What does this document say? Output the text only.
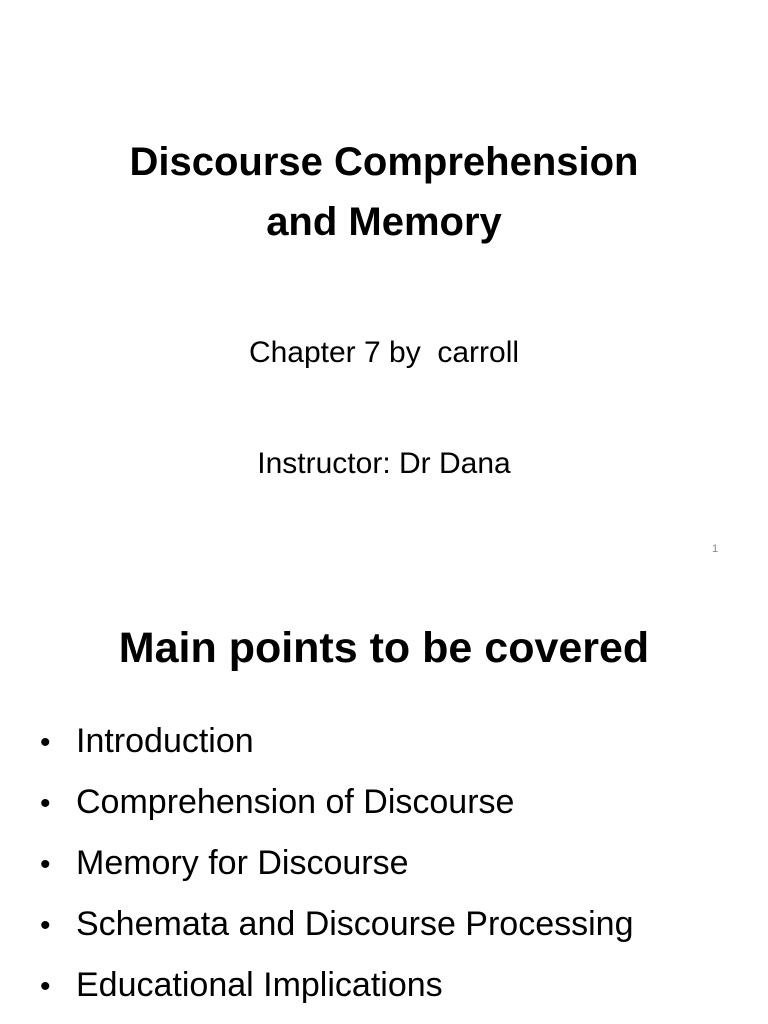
Discourse Comprehension
and Memory
Chapter 7 by  carroll
Instructor: Dr Dana
1
Main points to be covered
• Introduction
• Comprehension of Discourse
• Memory for Discourse
• Schemata and Discourse Processing
• Educational Implications
